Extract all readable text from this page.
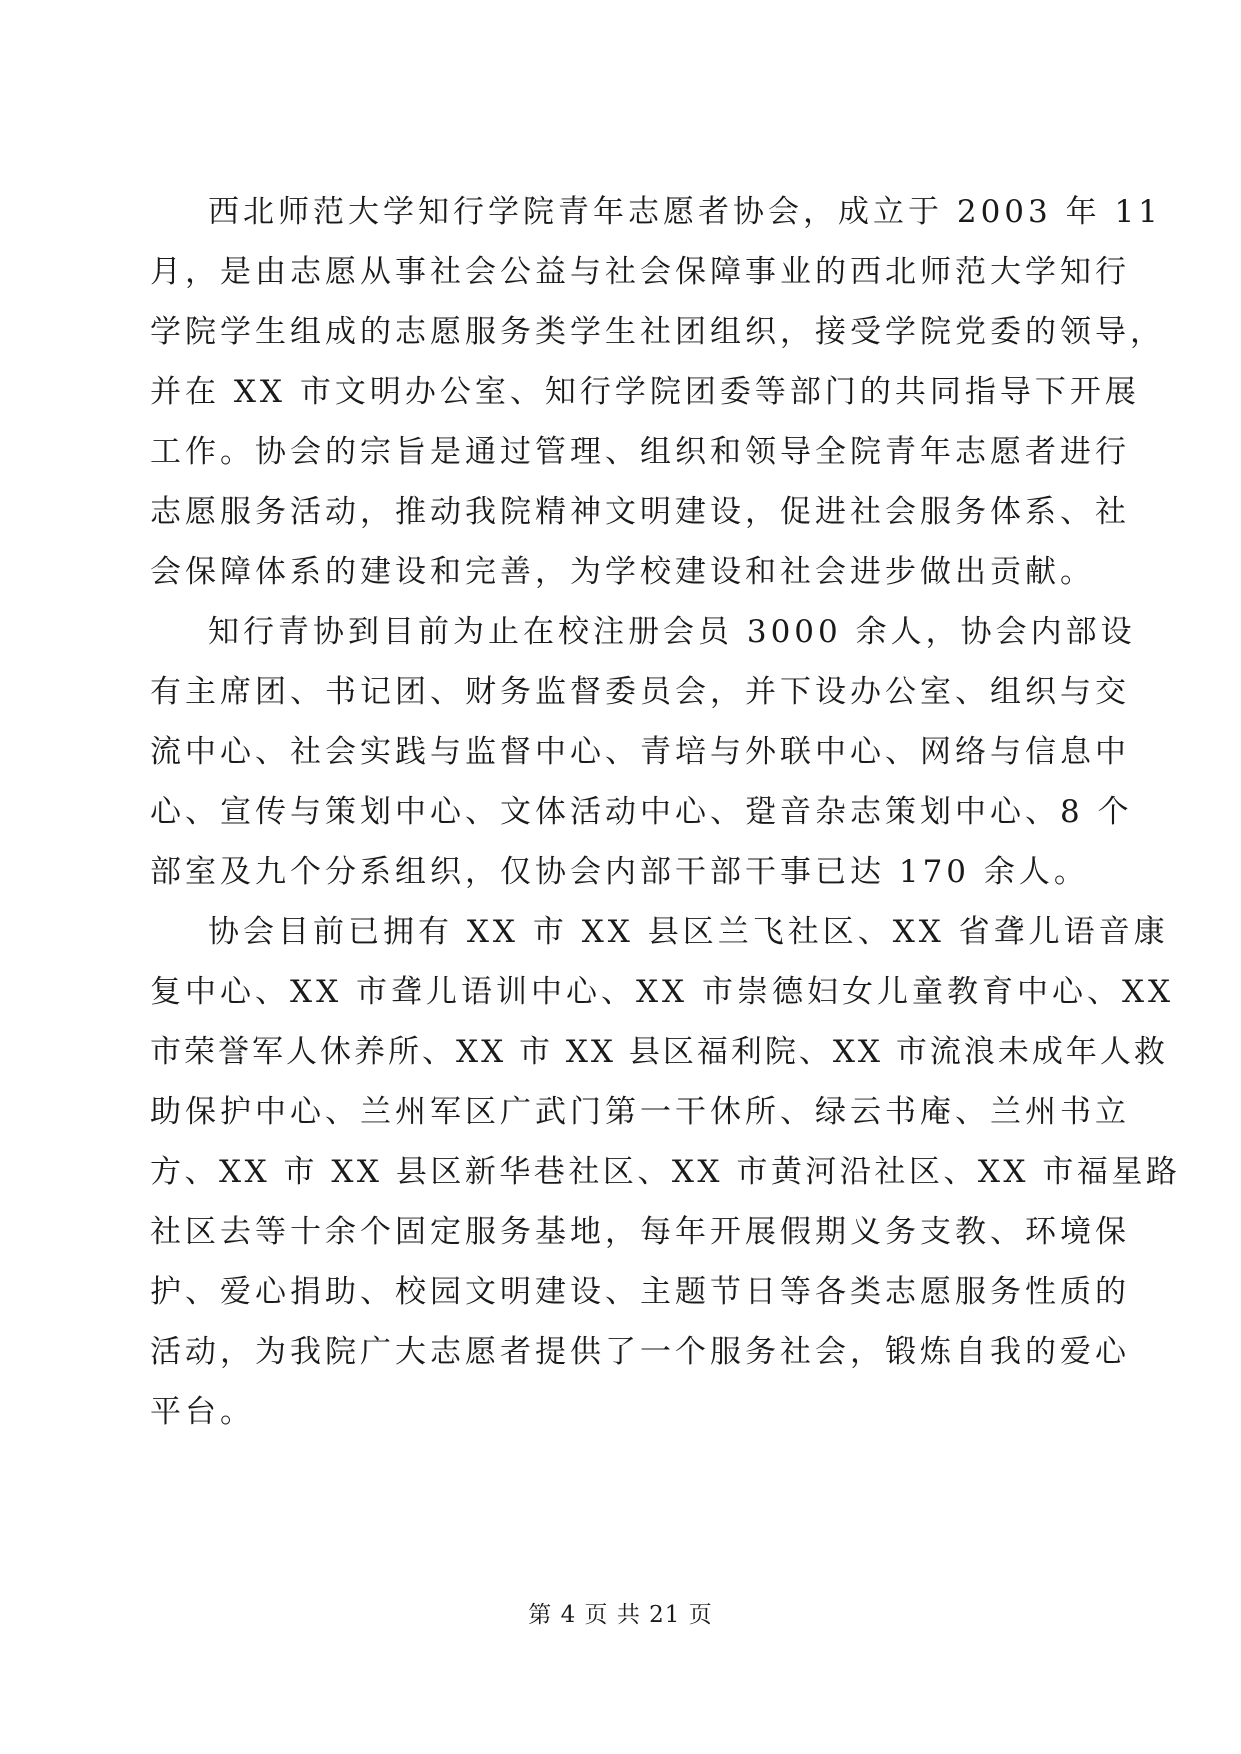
西北师范大学知行学院青年志愿者协会，成立于 2003 年 11
月，是由志愿从事社会公益与社会保障事业的西北师范大学知行
学院学生组成的志愿服务类学生社团组织，接受学院党委的领导，
并在 XX 市文明办公室、知行学院团委等部门的共同指导下开展
工作。协会的宗旨是通过管理、组织和领导全院青年志愿者进行
志愿服务活动，推动我院精神文明建设，促进社会服务体系、社
会保障体系的建设和完善，为学校建设和社会进步做出贡献。
知行青协到目前为止在校注册会员 3000 余人，协会内部设
有主席团、书记团、财务监督委员会，并下设办公室、组织与交
流中心、社会实践与监督中心、青培与外联中心、网络与信息中
心、宣传与策划中心、文体活动中心、跫音杂志策划中心、8 个
部室及九个分系组织，仅协会内部干部干事已达 170 余人。
协会目前已拥有 XX 市 XX 县区兰飞社区、XX 省聋儿语音康
复中心、XX 市聋儿语训中心、XX 市崇德妇女儿童教育中心、XX
市荣誉军人休养所、XX 市 XX 县区福利院、XX 市流浪未成年人救
助保护中心、兰州军区广武门第一干休所、绿云书庵、兰州书立
方、XX 市 XX 县区新华巷社区、XX 市黄河沿社区、XX 市福星路
社区去等十余个固定服务基地，每年开展假期义务支教、环境保
护、爱心捐助、校园文明建设、主题节日等各类志愿服务性质的
活动，为我院广大志愿者提供了一个服务社会，锻炼自我的爱心
平台。
第 4 页 共 21 页
